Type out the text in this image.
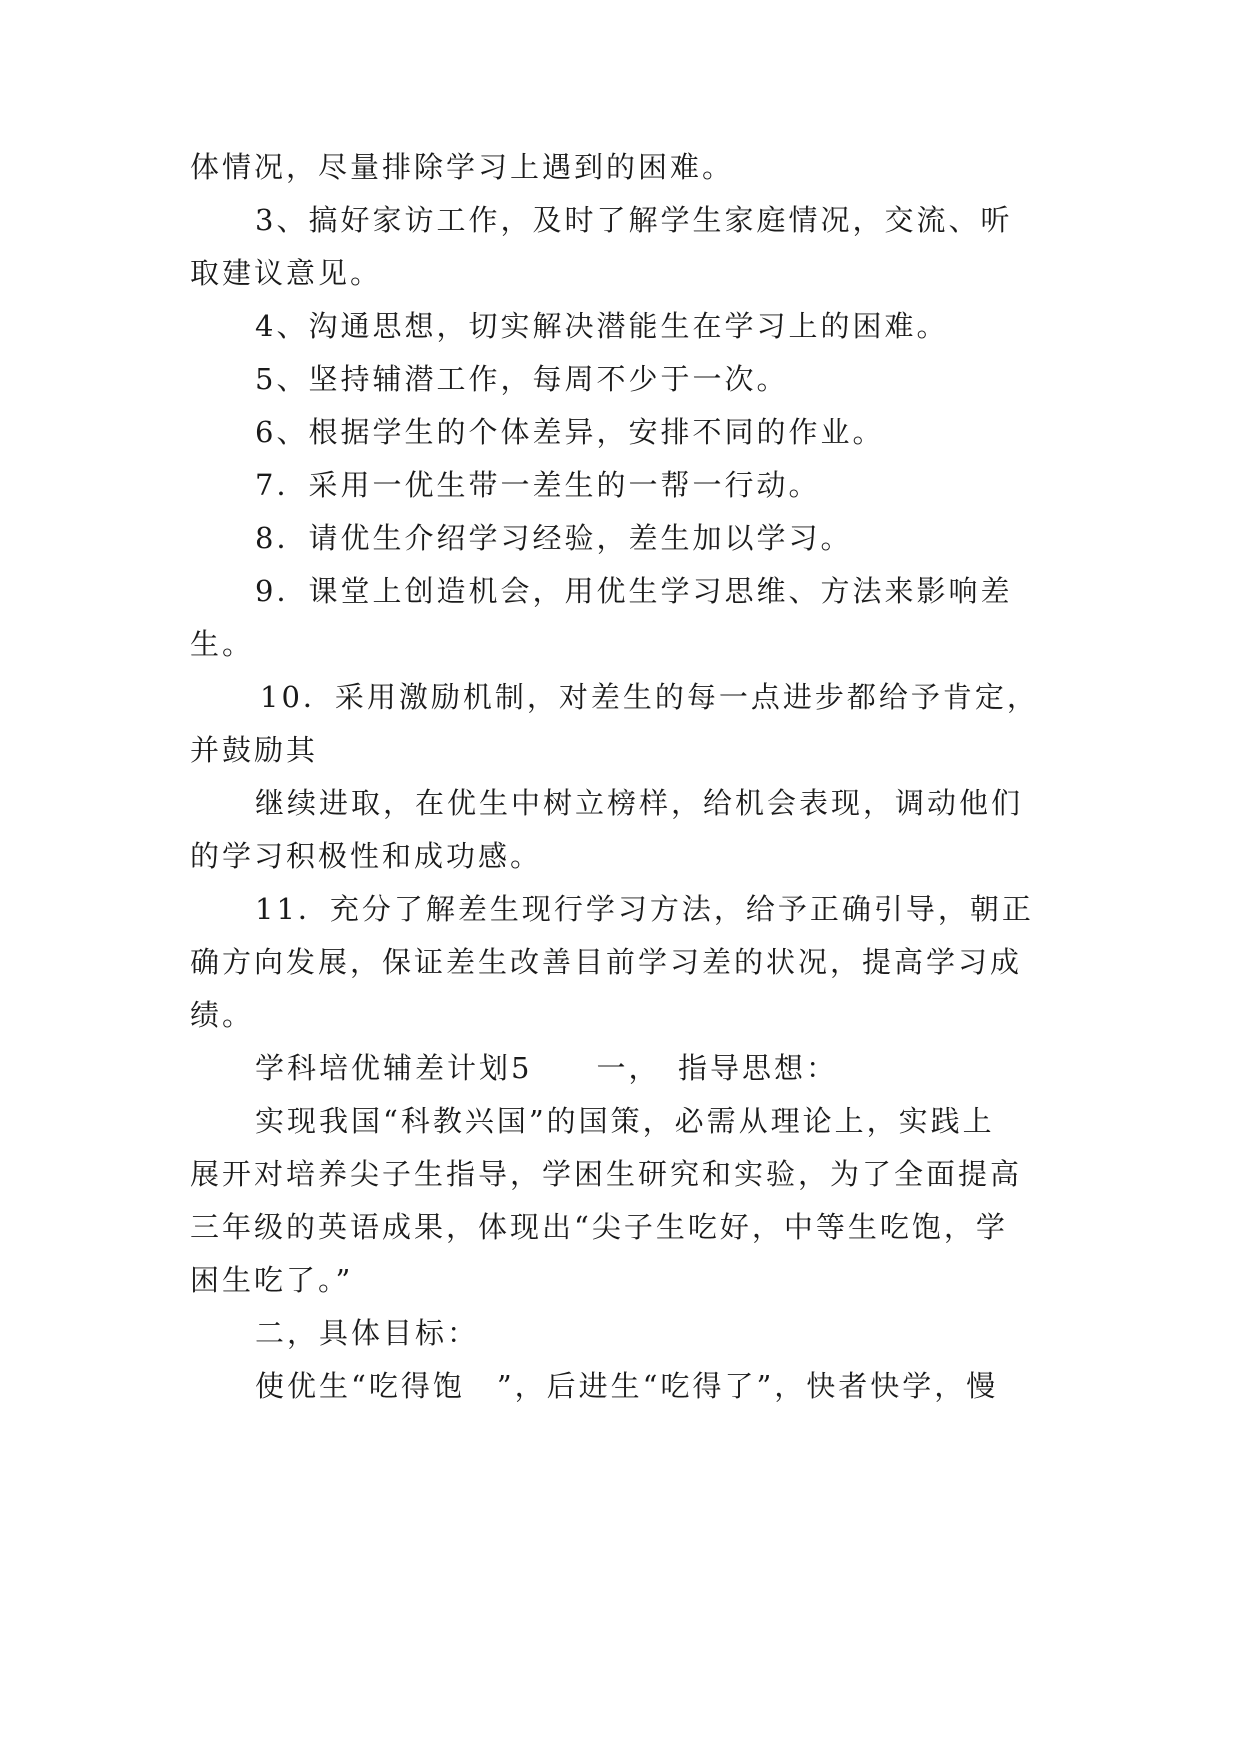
体情况，尽量排除学习上遇到的困难。

3、搞好家访工作，及时了解学生家庭情况，交流、听

取建议意见。

4、沟通思想，切实解决潜能生在学习上的困难。

5、坚持辅潜工作，每周不少于一次。

6、根据学生的个体差异，安排不同的作业。

7．采用一优生带一差生的一帮一行动。

8．请优生介绍学习经验，差生加以学习。

9．课堂上创造机会，用优生学习思维、方法来影响差

生。

10．采用激励机制，对差生的每一点进步都给予肯定，

并鼓励其

继续进取，在优生中树立榜样，给机会表现，调动他们

的学习积极性和成功感。

11．充分了解差生现行学习方法，给予正确引导，朝正

确方向发展，保证差生改善目前学习差的状况，提高学习成

绩。

学科培优辅差计划5　　一，　指导思想：

实现我国“科教兴国”的国策，必需从理论上，实践上

展开对培养尖子生指导，学困生研究和实验，为了全面提高

三年级的英语成果，体现出“尖子生吃好，中等生吃饱，学

困生吃了。”

二，具体目标：

使优生“吃得饱　”，后进生“吃得了”，快者快学，慢
